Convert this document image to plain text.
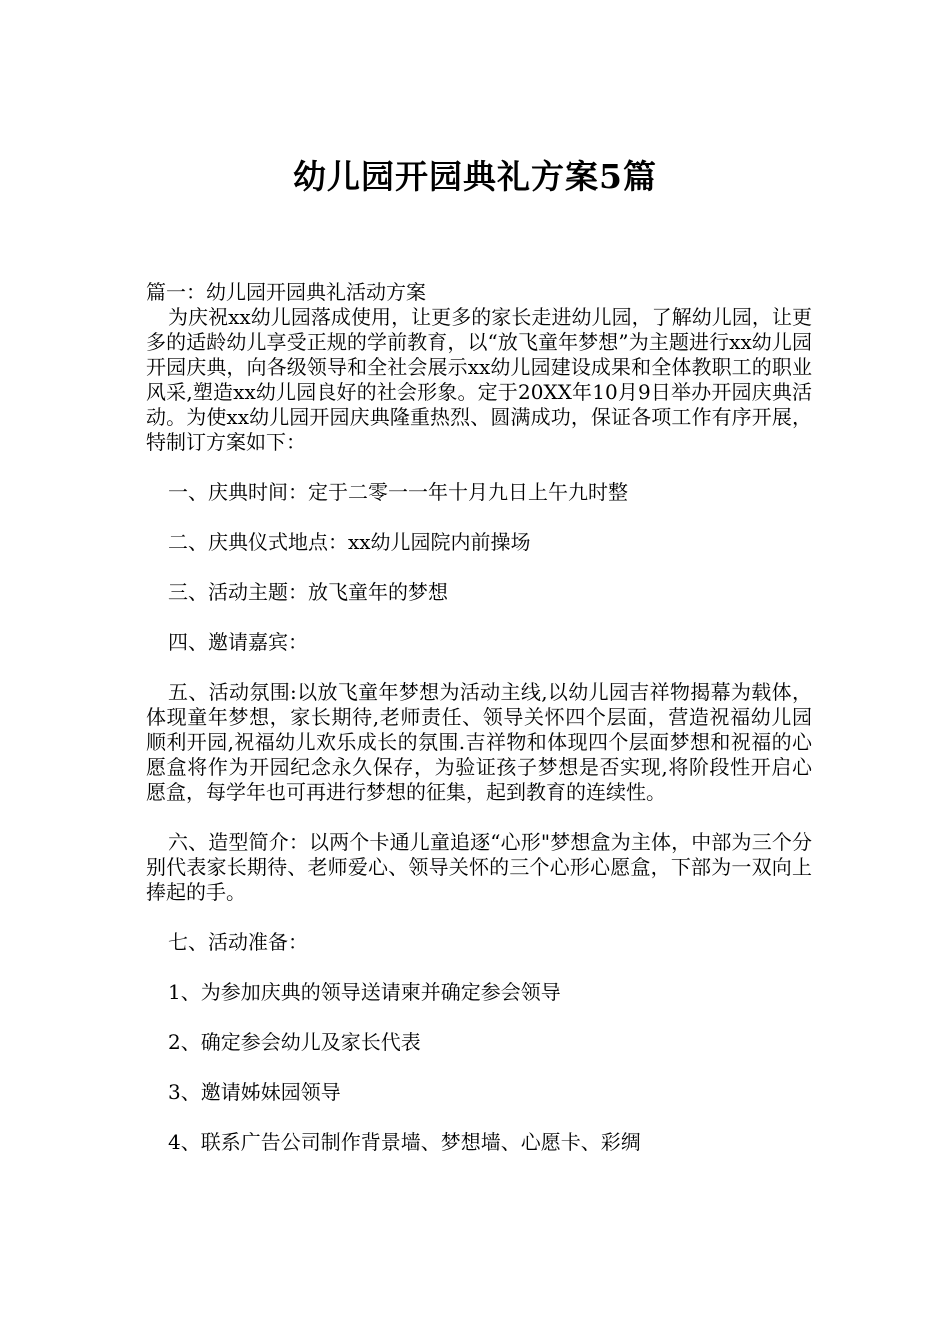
幼儿园开园典礼方案5篇

篇一：幼儿园开园典礼活动方案

为庆祝xx幼儿园落成使用，让更多的家长走进幼儿园，了解幼儿园，让更多的适龄幼儿享受正规的学前教育，以“放飞童年梦想”为主题进行xx幼儿园开园庆典，向各级领导和全社会展示xx幼儿园建设成果和全体教职工的职业风采,塑造xx幼儿园良好的社会形象。定于20XX年10月9日举办开园庆典活动。为使xx幼儿园开园庆典隆重热烈、圆满成功，保证各项工作有序开展，特制订方案如下：

一、庆典时间：定于二零一一年十月九日上午九时整

二、庆典仪式地点：xx幼儿园院内前操场

三、活动主题：放飞童年的梦想

四、邀请嘉宾：

五、活动氛围:以放飞童年梦想为活动主线,以幼儿园吉祥物揭幕为载体，体现童年梦想，家长期待,老师责任、领导关怀四个层面，营造祝福幼儿园顺利开园,祝福幼儿欢乐成长的氛围.吉祥物和体现四个层面梦想和祝福的心愿盒将作为开园纪念永久保存，为验证孩子梦想是否实现,将阶段性开启心愿盒，每学年也可再进行梦想的征集，起到教育的连续性。

六、造型简介：以两个卡通儿童追逐“心形"梦想盒为主体，中部为三个分别代表家长期待、老师爱心、领导关怀的三个心形心愿盒，下部为一双向上捧起的手。

七、活动准备：

1、为参加庆典的领导送请柬并确定参会领导

2、确定参会幼儿及家长代表

3、邀请姊妹园领导

4、联系广告公司制作背景墙、梦想墙、心愿卡、彩绸
